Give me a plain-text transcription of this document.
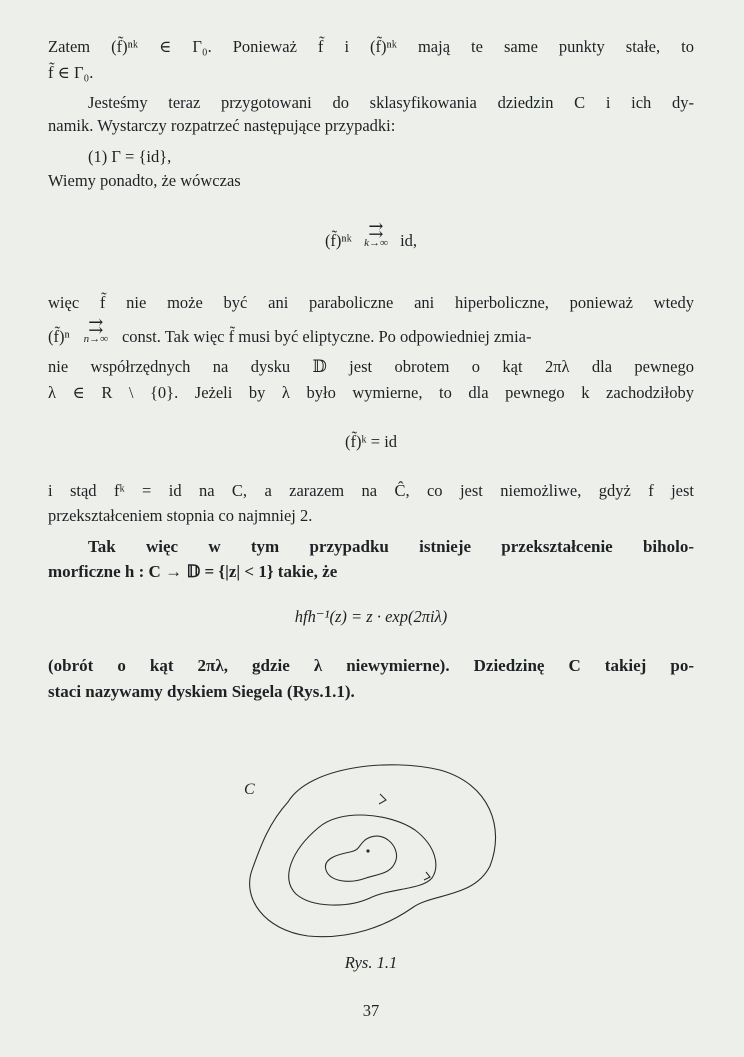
Zatem (f̃)ⁿᵏ ∈ Γ₀. Ponieważ f̃ i (f̃)ⁿᵏ mają te same punkty stałe, to
f̃ ∈ Γ₀.
Jesteśmy teraz przygotowani do sklasyfikowania dziedzin C i ich dy-
namik. Wystarczy rozpatrzeć następujące przypadki:
(1) Γ = {id},
Wiemy ponadto, że wówczas
(f̃)ⁿᵏ
⇉
k→∞ id,
więc f̃ nie może być ani paraboliczne ani hiperboliczne, ponieważ wtedy
(f̃)ⁿ
⇉
n→∞ const. Tak więc f̃ musi być eliptyczne. Po odpowiedniej zmia-
nie współrzędnych na dysku 𝔻 jest obrotem o kąt 2πλ dla pewnego
λ ∈ R \ {0}. Jeżeli by λ było wymierne, to dla pewnego k zachodziłoby
(f̃)ᵏ = id
i stąd fᵏ = id na C, a zarazem na Ĉ, co jest niemożliwe, gdyż f jest
przekształceniem stopnia co najmniej 2.
Tak więc w tym przypadku istnieje przekształcenie biholo-
morficzne h : C → 𝔻 = {|z| < 1} takie, że
hfh⁻¹(z) = z · exp(2πiλ)
(obrót o kąt 2πλ, gdzie λ niewymierne). Dziedzinę C takiej po-
staci nazywamy dyskiem Siegela (Rys.1.1).
C
Rys. 1.1
37
